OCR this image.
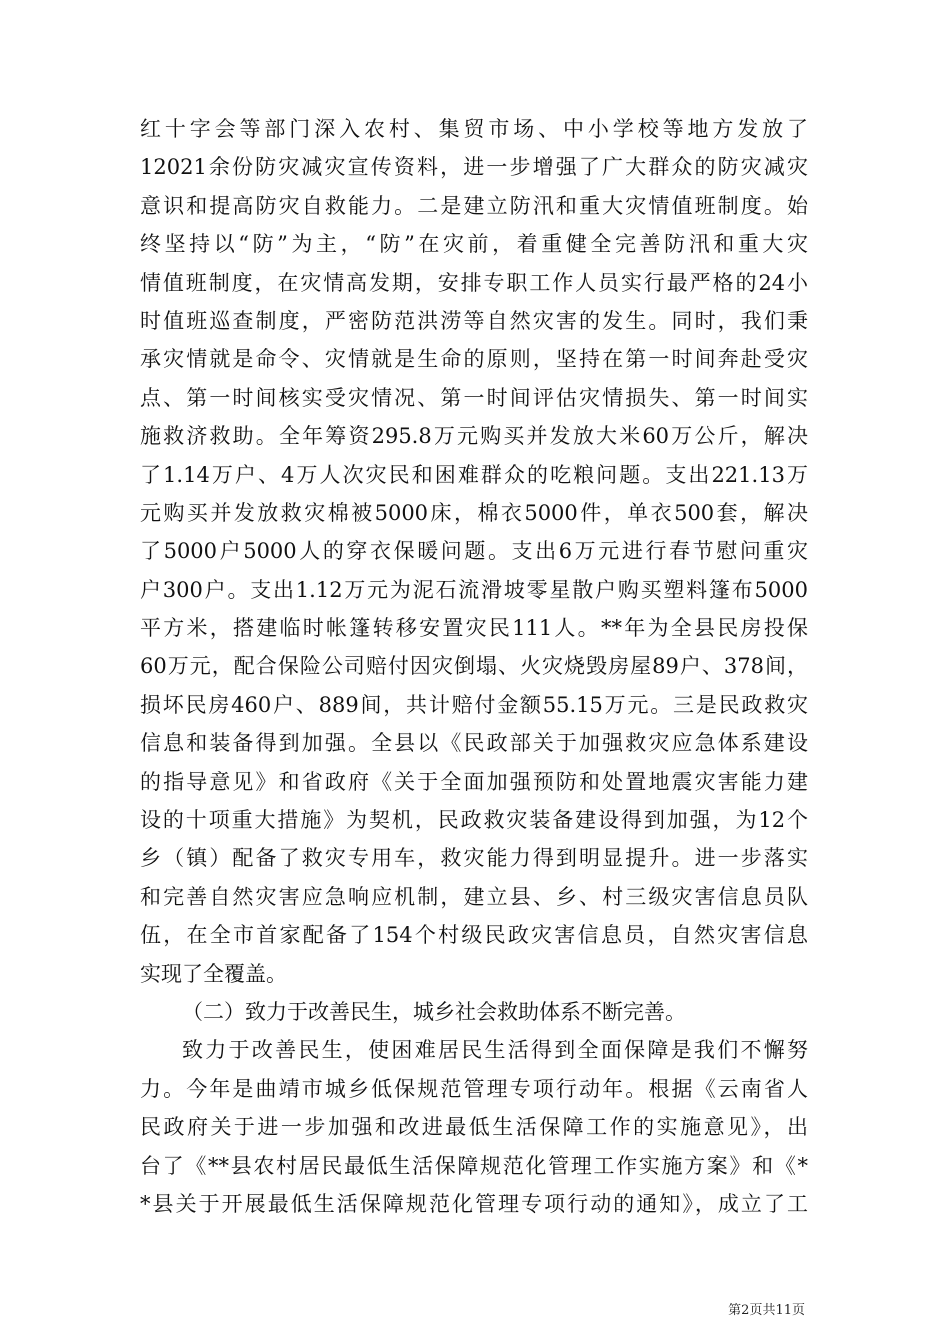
红十字会等部门深入农村、集贸市场、中小学校等地方发放了
12021余份防灾减灾宣传资料，进一步增强了广大群众的防灾减灾
意识和提高防灾自救能力。二是建立防汛和重大灾情值班制度。始
终坚持以“防”为主，“防”在灾前，着重健全完善防汛和重大灾
情值班制度，在灾情高发期，安排专职工作人员实行最严格的24小
时值班巡查制度，严密防范洪涝等自然灾害的发生。同时，我们秉
承灾情就是命令、灾情就是生命的原则，坚持在第一时间奔赴受灾
点、第一时间核实受灾情况、第一时间评估灾情损失、第一时间实
施救济救助。全年筹资295.8万元购买并发放大米60万公斤，解决
了1.14万户、4万人次灾民和困难群众的吃粮问题。支出221.13万
元购买并发放救灾棉被5000床，棉衣5000件，单衣500套，解决
了5000户5000人的穿衣保暖问题。支出6万元进行春节慰问重灾
户300户。支出1.12万元为泥石流滑坡零星散户购买塑料篷布5000
平方米，搭建临时帐篷转移安置灾民111人。**年为全县民房投保
60万元，配合保险公司赔付因灾倒塌、火灾烧毁房屋89户、378间，
损坏民房460户、889间，共计赔付金额55.15万元。三是民政救灾
信息和装备得到加强。全县以《民政部关于加强救灾应急体系建设
的指导意见》和省政府《关于全面加强预防和处置地震灾害能力建
设的十项重大措施》为契机，民政救灾装备建设得到加强，为12个
乡（镇）配备了救灾专用车，救灾能力得到明显提升。进一步落实
和完善自然灾害应急响应机制，建立县、乡、村三级灾害信息员队
伍，在全市首家配备了154个村级民政灾害信息员，自然灾害信息
实现了全覆盖。
（二）致力于改善民生，城乡社会救助体系不断完善。
致力于改善民生，使困难居民生活得到全面保障是我们不懈努
力。今年是曲靖市城乡低保规范管理专项行动年。根据《云南省人
民政府关于进一步加强和改进最低生活保障工作的实施意见》，出
台了《**县农村居民最低生活保障规范化管理工作实施方案》和《*
*县关于开展最低生活保障规范化管理专项行动的通知》，成立了工
第2页共11页
